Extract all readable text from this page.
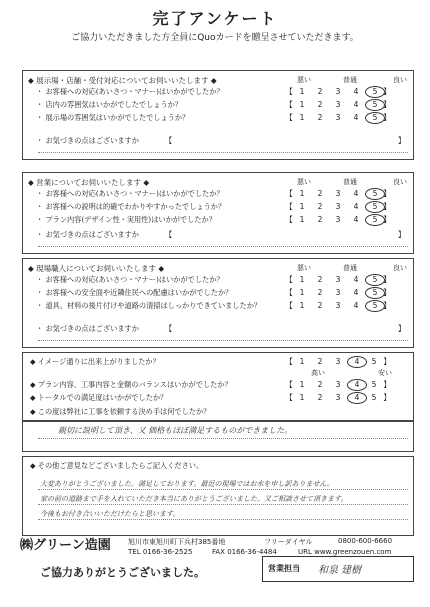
完了アンケート
ご協力いただきました方全員にQuoカードを贈呈させていただきます。
◆ 展示場・店舗・受付対応についてお伺いいたします ◆	悪い	普通	良い
・ お客様への対応(あいさつ・マナー)はいかがでしたか？	【 1 2 3 4 5 】
・ 店内の雰囲気はいかがでしたでしょうか？	【 1 2 3 4 5 】
・ 展示場の雰囲気はいかがでしたでしょうか？	【 1 2 3 4 5 】
・ お気づきの点はございますか	【	】
◆ 営業についてお伺いいたします ◆	悪い	普通	良い
・ お客様への対応(あいさつ・マナー)はいかがでしたか？	【 1 2 3 4 5 】
・ お客様への説明は的確でわかりやすかったでしょうか？	【 1 2 3 4 5 】
・ プラン内容(デザイン性・実用性)はいかがでしたか？	【 1 2 3 4 5 】
・ お気づきの点はございますか	【	】
◆ 現場職人についてお伺いいたします ◆	悪い	普通	良い
・ お客様への対応(あいさつ・マナー)はいかがでしたか？	【 1 2 3 4 5 】
・ お客様への安全面や近隣住民への配慮はいかがでしたか？	【 1 2 3 4 5 】
・ 道具、材料の後片付けや道路の清掃はしっかりできていましたか？	【 1 2 3 4 5 】
・ お気づきの点はございますか	【	】
◆ イメージ通りに出来上がりましたか？	【 1 2 3 4 5 】
高い	安い
◆ プラン内容、工事内容と金額のバランスはいかがでしたか？	【 1 2 3 4 5 】
◆ トータルでの満足度はいかがでしたか？	【 1 2 3 4 5 】
◆ この度は弊社に工事を依頼する決め手は何でしたか？
親切に説明して頂き、又 価格もほぼ満足するものができました。
◆ その他ご意見などございましたらご記入ください。
大変ありがとうございました。満足しております。最近の現場ではお水を申し訳ありません。
家の前の道路まで手を入れていただき本当にありがとうございました。又ご相談させて頂きます。
今後もお付き合いいただけたらと思います。
㈱グリーン造園 旭川市東旭川町下兵村385番地	フリーダイヤル	0800-600-6660
TEL 0166-36-2525	FAX 0166-36-4484	URL www.greenzouen.com
ご協力ありがとうございました。	営業担当 和泉 建樹
